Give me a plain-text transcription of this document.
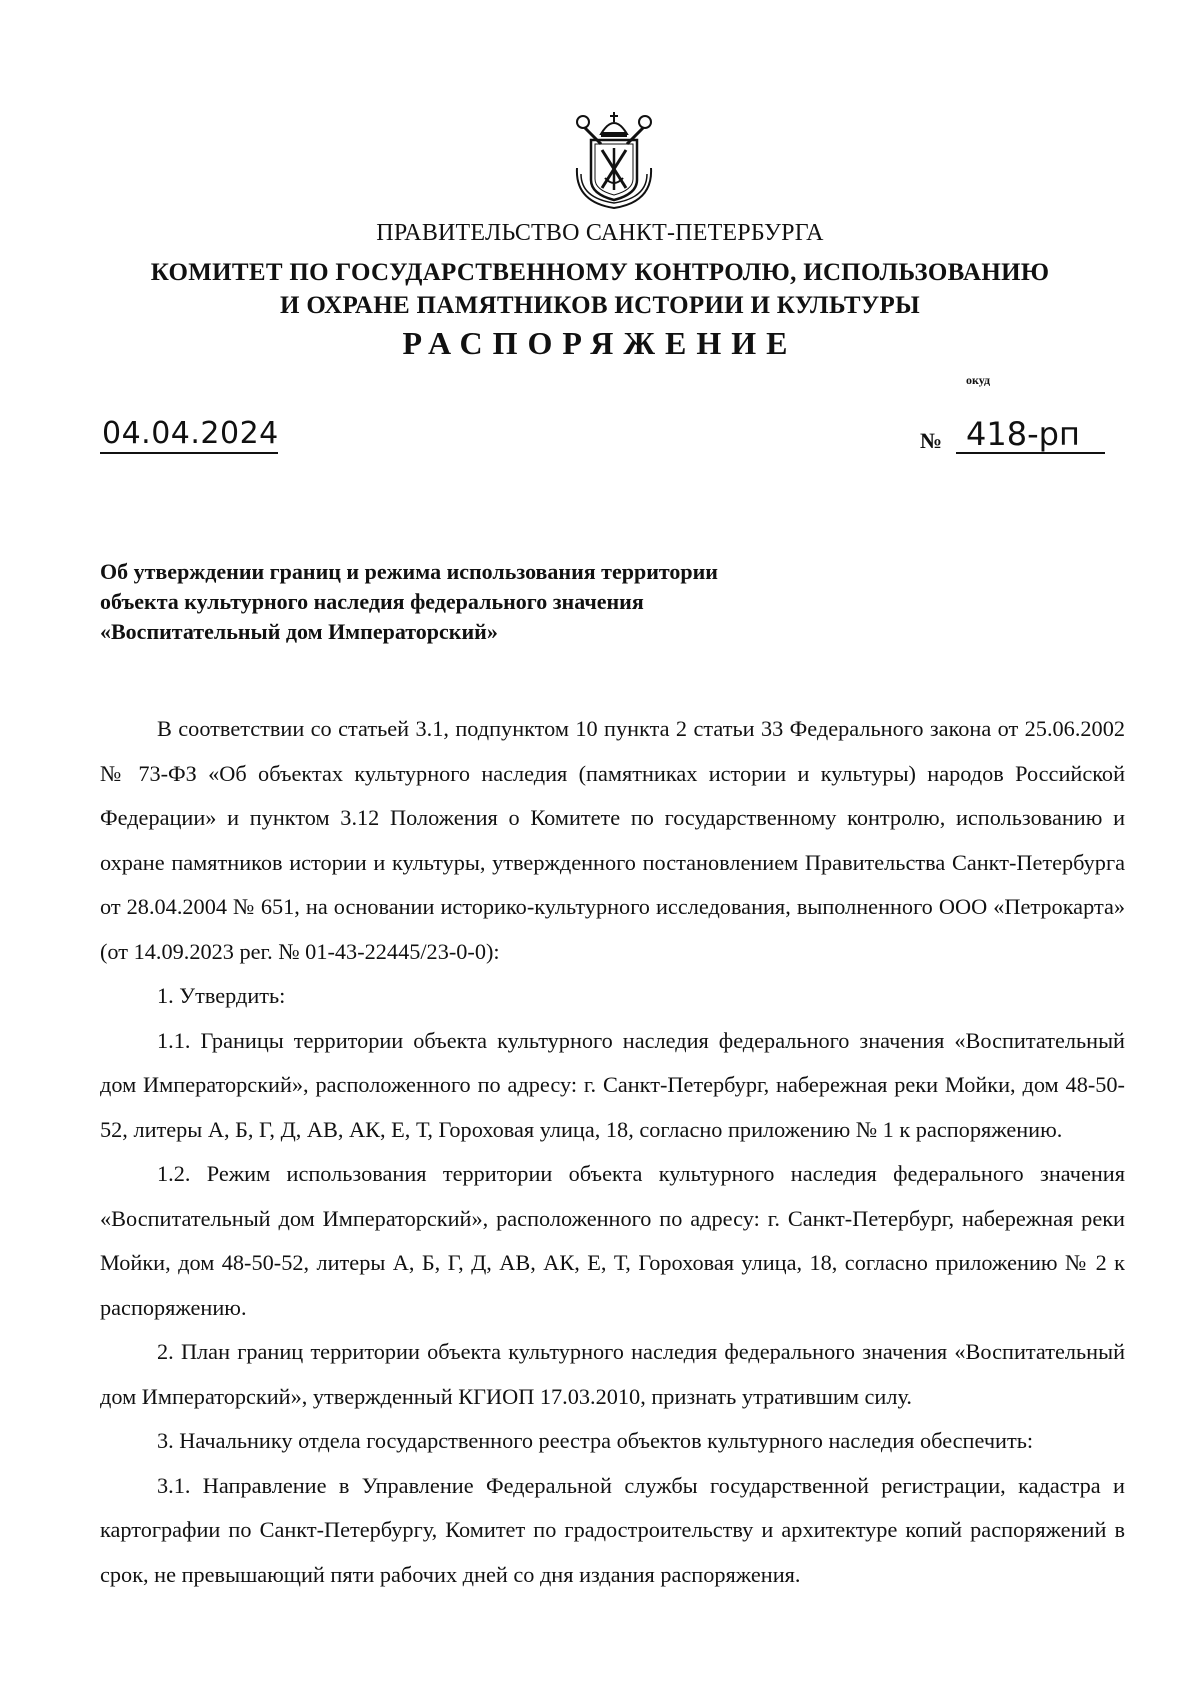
ПРАВИТЕЛЬСТВО САНКТ-ПЕТЕРБУРГА
КОМИТЕТ ПО ГОСУДАРСТВЕННОМУ КОНТРОЛЮ, ИСПОЛЬЗОВАНИЮ
И ОХРАНЕ ПАМЯТНИКОВ ИСТОРИИ И КУЛЬТУРЫ
РАСПОРЯЖЕНИЕ
окуд
04.04.2024	№ 418-рп
Об утверждении границ и режима использования территории
объекта культурного наследия федерального значения
«Воспитательный дом Императорский»

В соответствии со статьей 3.1, подпунктом 10 пункта 2 статьи 33 Федерального закона от 25.06.2002 № 73-ФЗ «Об объектах культурного наследия (памятниках истории и культуры) народов Российской Федерации» и пунктом 3.12 Положения о Комитете по государственному контролю, использованию и охране памятников истории и культуры, утвержденного постановлением Правительства Санкт-Петербурга от 28.04.2004 № 651, на основании историко-культурного исследования, выполненного ООО «Петрокарта» (от 14.09.2023 рег. № 01-43-22445/23-0-0):

1. Утвердить:

1.1. Границы территории объекта культурного наследия федерального значения «Воспитательный дом Императорский», расположенного по адресу: г. Санкт-Петербург, набережная реки Мойки, дом 48-50-52, литеры А, Б, Г, Д, АВ, АК, Е, Т, Гороховая улица, 18, согласно приложению № 1 к распоряжению.

1.2. Режим использования территории объекта культурного наследия федерального значения «Воспитательный дом Императорский», расположенного по адресу: г. Санкт-Петербург, набережная реки Мойки, дом 48-50-52, литеры А, Б, Г, Д, АВ, АК, Е, Т, Гороховая улица, 18, согласно приложению № 2 к распоряжению.

2. План границ территории объекта культурного наследия федерального значения «Воспитательный дом Императорский», утвержденный КГИОП 17.03.2010, признать утратившим силу.

3. Начальнику отдела государственного реестра объектов культурного наследия обеспечить:

3.1. Направление в Управление Федеральной службы государственной регистрации, кадастра и картографии по Санкт-Петербургу, Комитет по градостроительству и архитектуре копий распоряжений в срок, не превышающий пяти рабочих дней со дня издания распоряжения.
